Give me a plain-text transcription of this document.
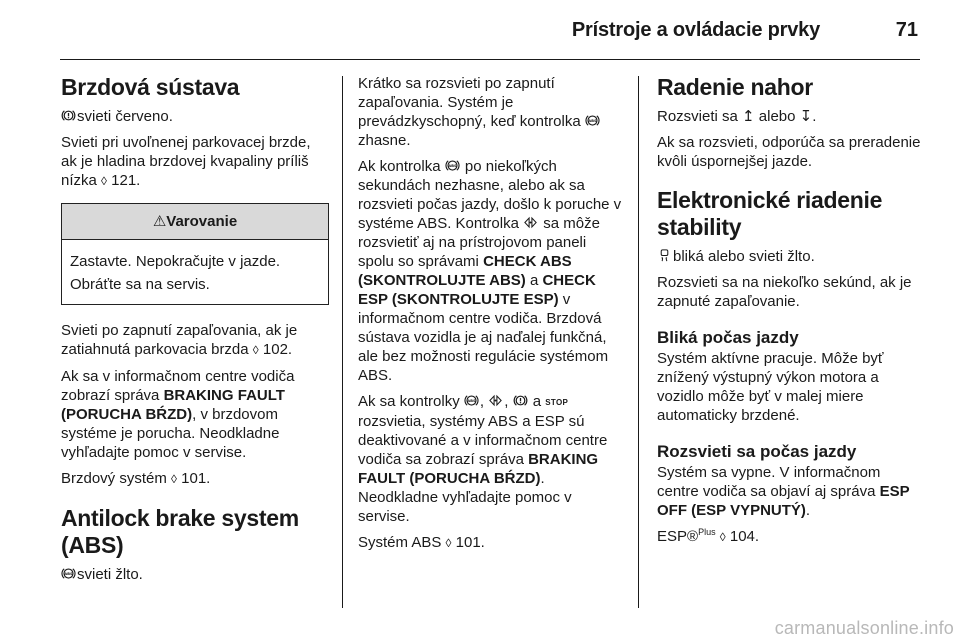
Prístroje a ovládacie prvky	71
Brzdová sústava

svieti červeno.

Svieti pri uvoľnenej parkovacej brzde, ak je hladina brzdovej kvapaliny príliš nízka ◊ 121.

⚠Varovanie

Zastavte. Nepokračujte v jazde.

Obráťte sa na servis.

Svieti po zapnutí zapaľovania, ak je zatiahnutá parkovacia brzda ◊ 102.

Ak sa v informačnom centre vodiča zobrazí správa BRAKING FAULT (PORUCHA BŔZD), v brzdovom systéme je porucha. Neodkladne vyhľadajte pomoc v servise.

Brzdový systém ◊ 101.

Antilock brake system (ABS)

ABS svieti žlto.

Krátko sa rozsvieti po zapnutí zapaľovania. Systém je prevádzkyschopný, keď kontrolka ABS
zhasne.

Ak kontrolka ABS po niekoľkých sekundách nezhasne, alebo ak sa rozsvieti počas jazdy, došlo k poruche v systéme ABS. Kontrolka sa môže rozsvietiť aj na prístrojovom paneli spolu so správami CHECK ABS (SKONTROLUJTE ABS) a CHECK ESP (SKONTROLUJTE ESP) v informačnom centre vodiča. Brzdová sústava vozidla je aj naďalej funkčná, ale bez možnosti regulácie systémom ABS.

Ak sa kontrolky ABS ,
,
a STOP rozsvietia, systémy ABS a ESP sú deaktivované a v informačnom centre vodiča sa zobrazí správa BRAKING FAULT (PORUCHA BŔZD). Neodkladne vyhľadajte pomoc v servise.

Systém ABS ◊ 101.

Radenie nahor

Rozsvieti sa ↥ alebo ↧.

Ak sa rozsvieti, odporúča sa preradenie kvôli úspornejšej jazde.

Elektronické riadenie stability

bliká alebo svieti žlto.

Rozsvieti sa na niekoľko sekúnd, ak je zapnuté zapaľovanie.

Bliká počas jazdy

Systém aktívne pracuje. Môže byť znížený výstupný výkon motora a vozidlo môže byť v malej miere automaticky brzdené.

Rozsvieti sa počas jazdy

Systém sa vypne. V informačnom centre vodiča sa objaví aj správa ESP OFF (ESP VYPNUTÝ).

ESP®$^{Plus}$ ◊ 104.

carmanualsonline.info
